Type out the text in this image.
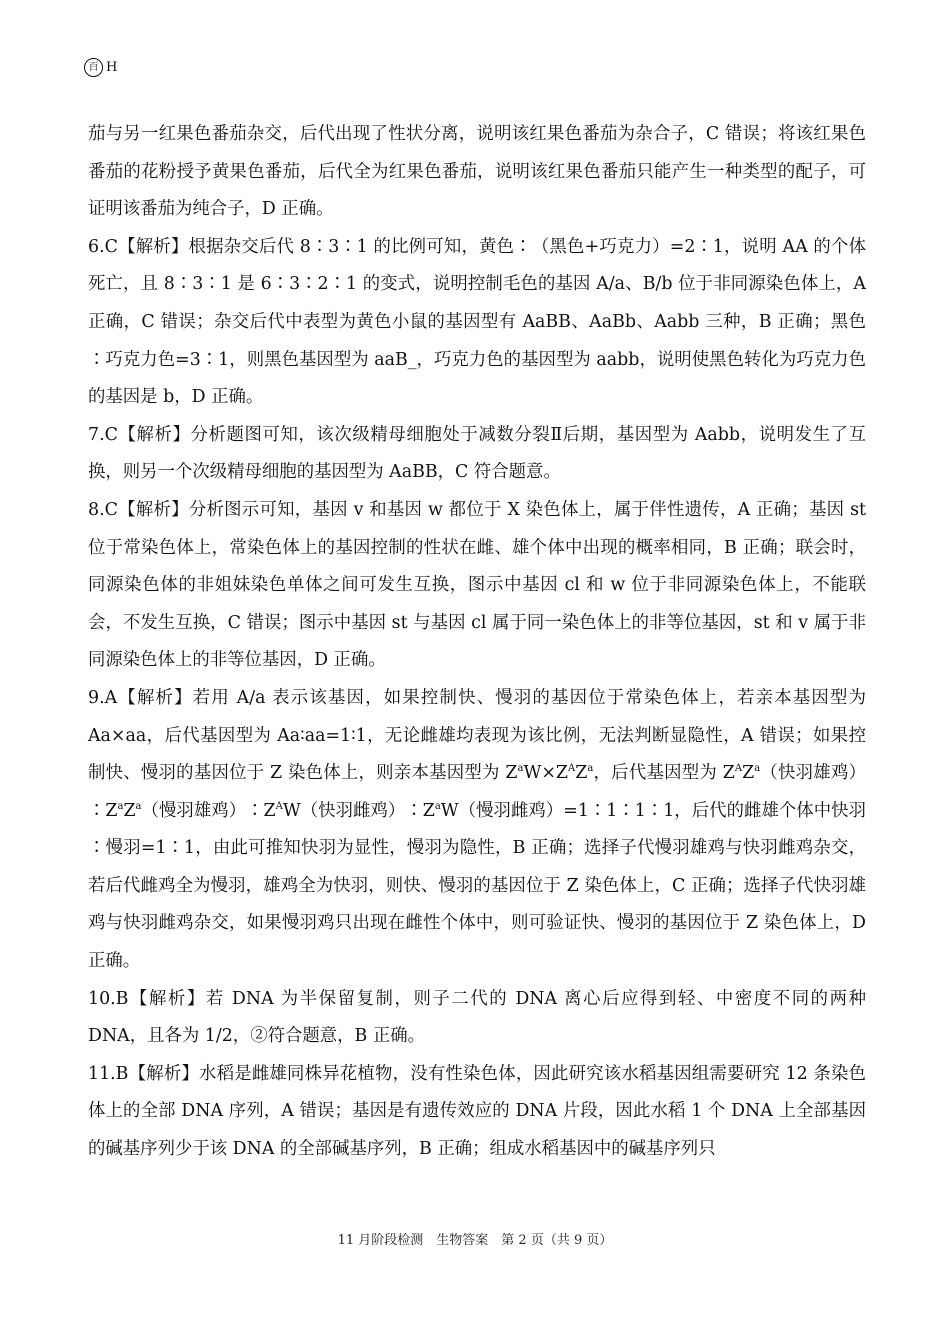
百 H

茄与另一红果色番茄杂交，后代出现了性状分离，说明该红果色番茄为杂合子，C 错误；将该红果色番茄的花粉授予黄果色番茄，后代全为红果色番茄，说明该红果色番茄只能产生一种类型的配子，可证明该番茄为纯合子，D 正确。

6.C【解析】根据杂交后代 8∶3∶1 的比例可知，黄色∶（黑色+巧克力）=2∶1，说明 AA 的个体死亡，且 8∶3∶1 是 6∶3∶2∶1 的变式，说明控制毛色的基因 A/a、B/b 位于非同源染色体上，A 正确，C 错误；杂交后代中表型为黄色小鼠的基因型有 AaBB、AaBb、Aabb 三种，B 正确；黑色∶巧克力色=3∶1，则黑色基因型为 aaB_，巧克力色的基因型为 aabb，说明使黑色转化为巧克力色的基因是 b，D 正确。

7.C【解析】分析题图可知，该次级精母细胞处于减数分裂Ⅱ后期，基因型为 Aabb，说明发生了互换，则另一个次级精母细胞的基因型为 AaBB，C 符合题意。

8.C【解析】分析图示可知，基因 v 和基因 w 都位于 X 染色体上，属于伴性遗传，A 正确；基因 st 位于常染色体上，常染色体上的基因控制的性状在雌、雄个体中出现的概率相同，B 正确；联会时，同源染色体的非姐妹染色单体之间可发生互换，图示中基因 cl 和 w 位于非同源染色体上，不能联会，不发生互换，C 错误；图示中基因 st 与基因 cl 属于同一染色体上的非等位基因，st 和 v 属于非同源染色体上的非等位基因，D 正确。

9.A【解析】若用 A/a 表示该基因，如果控制快、慢羽的基因位于常染色体上，若亲本基因型为 Aa×aa，后代基因型为 Aa∶aa=1∶1，无论雌雄均表现为该比例，无法判断显隐性，A 错误；如果控制快、慢羽的基因位于 Z 染色体上，则亲本基因型为 $Z^aW\times Z^AZ^a$，后代基因型为 $Z^AZ^a$（快羽雄鸡）$∶Z^aZ^a$（慢羽雄鸡）$∶Z^AW$（快羽雌鸡）$∶Z^aW$（慢羽雌鸡）=1∶1∶1∶1，后代的雌雄个体中快羽∶慢羽=1∶1，由此可推知快羽为显性，慢羽为隐性，B 正确；选择子代慢羽雄鸡与快羽雌鸡杂交，若后代雌鸡全为慢羽，雄鸡全为快羽，则快、慢羽的基因位于 Z 染色体上，C 正确；选择子代快羽雄鸡与快羽雌鸡杂交，如果慢羽鸡只出现在雌性个体中，则可验证快、慢羽的基因位于 Z 染色体上，D 正确。

10.B【解析】若 DNA 为半保留复制，则子二代的 DNA 离心后应得到轻、中密度不同的两种 DNA，且各为 1/2，②符合题意，B 正确。

11.B【解析】水稻是雌雄同株异花植物，没有性染色体，因此研究该水稻基因组需要研究 12 条染色体上的全部 DNA 序列，A 错误；基因是有遗传效应的 DNA 片段，因此水稻 1 个 DNA 上全部基因的碱基序列少于该 DNA 的全部碱基序列，B 正确；组成水稻基因中的碱基序列只

11 月阶段检测　生物答案　第 2 页（共 9 页）
